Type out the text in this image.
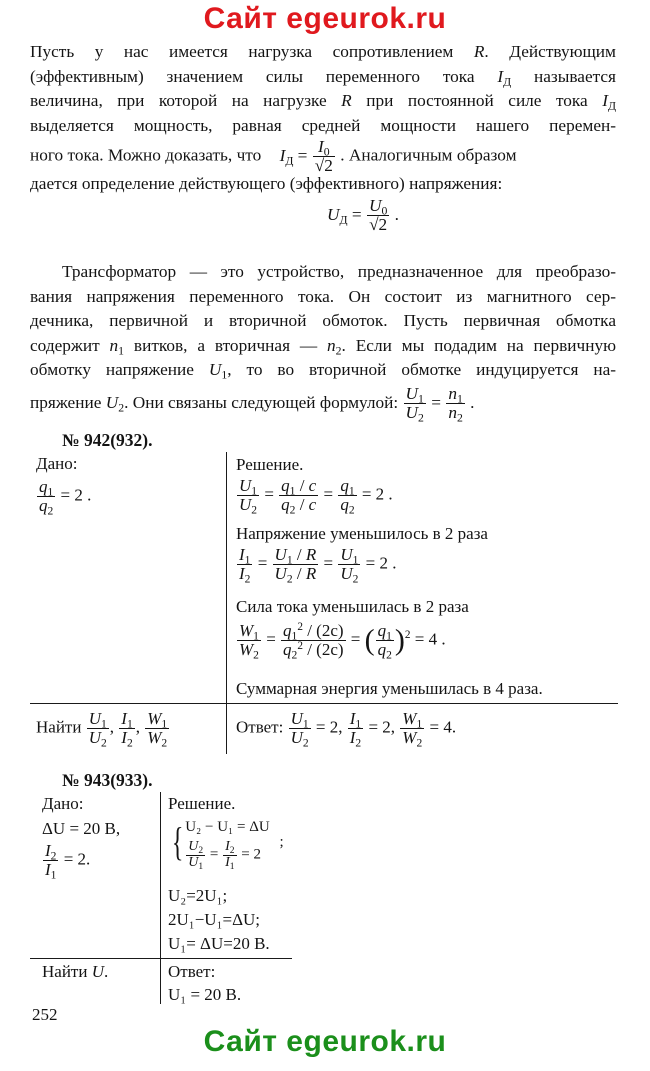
Сайт egeurok.ru
Пусть у нас имеется нагрузка сопротивлением R. Действующим
(эффективным) значением силы переменного тока $I_Д$ называется
величина, при которой на нагрузке R при постоянной силе тока $I_Д$
выделяется мощность, равная средней мощности нашего перемен-
ного тока. Можно доказать, что $I_Д = \frac{I_0}{√2}$ . Аналогичным образом
дается определение действующего (эффективного) напряжения:
$U_Д = \frac{U_0}{√2}$ .
Трансформатор — это устройство, предназначенное для преобразо-
вания напряжения переменного тока. Он состоит из магнитного сер-
дечника, первичной и вторичной обмоток. Пусть первичная обмотка
содержит $n_1$ витков, а вторичная — $n_2$. Если мы подадим на первичную
обмотку напряжение $U_1$, то во вторичной обмотке индуцируется на-
пряжение $U_2$. Они связаны следующей формулой: $\frac{U_1}{U_2} = \frac{n_1}{n_2}$ .
№ 942(932).
Дано:
$\frac{q_1}{q_2} = 2$ .
Решение.
$\frac{U_1}{U_2} = \frac{q_1 / c}{q_2 / c} = \frac{q_1}{q_2} = 2$ .
Напряжение уменьшилось в 2 раза
$\frac{I_1}{I_2} = \frac{U_1 / R}{U_2 / R} = \frac{U_1}{U_2} = 2$ .
Сила тока уменьшилась в 2 раза
$\frac{W_1}{W_2} = \frac{q_1^2 / (2c)}{q_2^2 / (2c)}$ = ( $\frac{q_1}{q_2} )^2 = 4$ .
Суммарная энергия уменьшилась в 4 раза.
Найти $\frac{U_1}{U_2}$ , $\frac{I_1}{I_2}$ , $\frac{W_1}{W_2}$	Ответ: $\frac{U_1}{U_2} = 2$, $\frac{I_1}{I_2} = 2$, $\frac{W_1}{W_2} = 4$.
№ 943(933).
Дано:
ΔU = 20 В,
$\frac{I_2}{I_1} = 2$.
Решение.
{ U₂ − U₁ = ΔU
$\frac{U_2}{U_1} = \frac{I_2}{I_1} = 2$
;
U₂=2U₁;
2U₁−U₁=ΔU;
U₁= ΔU=20 В.
Найти U.	Ответ:
U₁ = 20 В.
252
Сайт egeurok.ru
